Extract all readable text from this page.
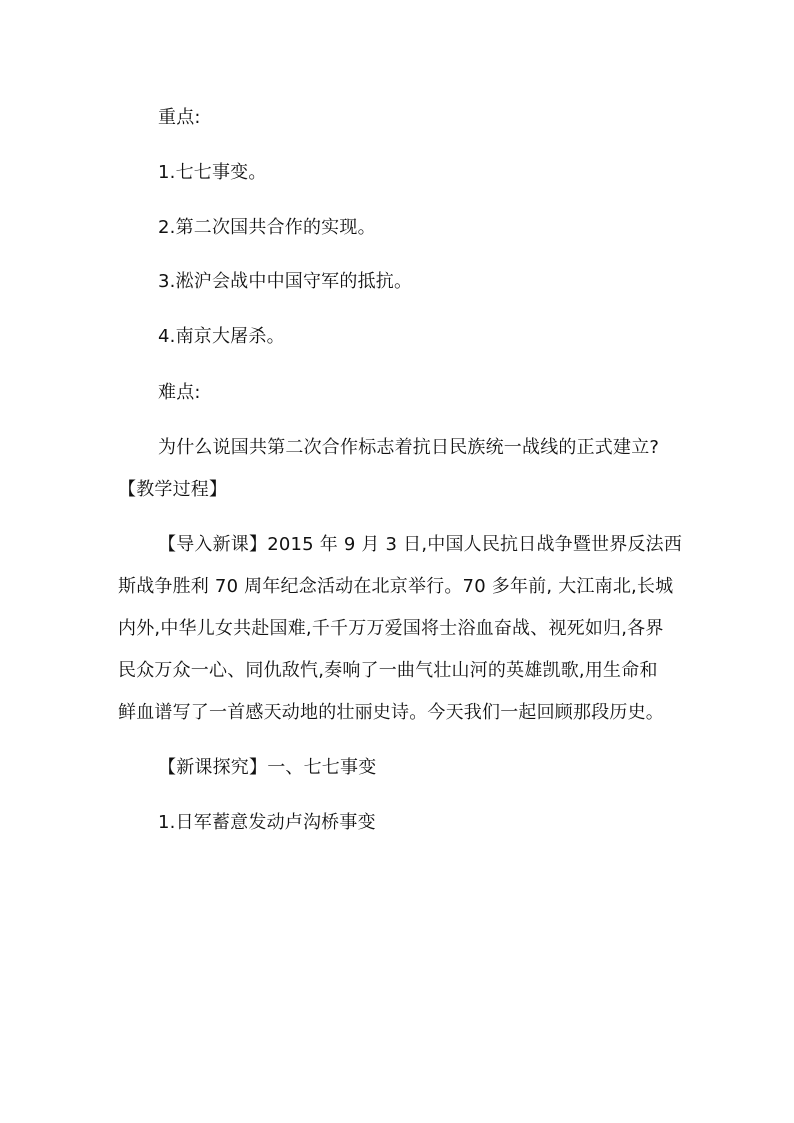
重点:
1.七七事变。
2.第二次国共合作的实现。
3.淞沪会战中中国守军的抵抗。
4.南京大屠杀。
难点:
为什么说国共第二次合作标志着抗日民族统一战线的正式建立?
【教学过程】
【导入新课】2015 年 9 月 3 日,中国人民抗日战争暨世界反法西
斯战争胜利 70 周年纪念活动在北京举行。70 多年前, 大江南北,长城
内外,中华儿女共赴国难,千千万万爱国将士浴血奋战、视死如归,各界
民众万众一心、同仇敌忾,奏响了一曲气壮山河的英雄凯歌,用生命和
鲜血谱写了一首感天动地的壮丽史诗。今天我们一起回顾那段历史。
【新课探究】一、七七事变
1.日军蓄意发动卢沟桥事变
